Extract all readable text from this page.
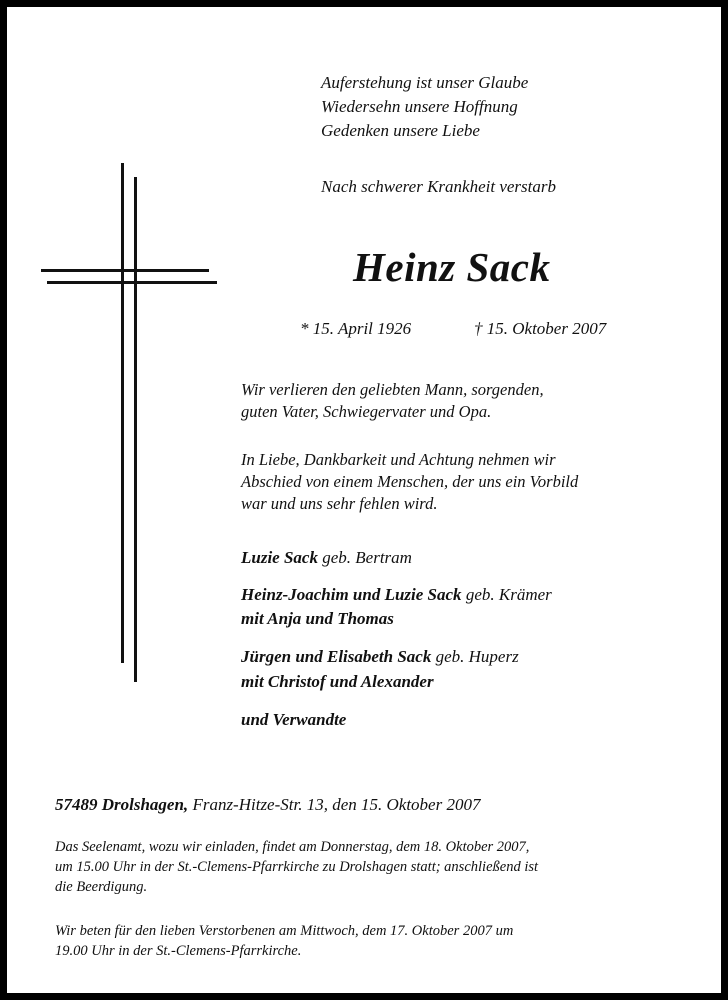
Auferstehung ist unser Glaube
Wiedersehn unsere Hoffnung
Gedenken unsere Liebe
Nach schwerer Krankheit verstarb
Heinz Sack
* 15. April 1926	† 15. Oktober 2007
Wir verlieren den geliebten Mann, sorgenden,
guten Vater, Schwiegervater und Opa.
In Liebe, Dankbarkeit und Achtung nehmen wir
Abschied von einem Menschen, der uns ein Vorbild
war und uns sehr fehlen wird.
Luzie Sack geb. Bertram
Heinz-Joachim und Luzie Sack geb. Krämer
mit Anja und Thomas
Jürgen und Elisabeth Sack geb. Huperz
mit Christof und Alexander
und Verwandte
57489 Drolshagen, Franz-Hitze-Str. 13, den 15. Oktober 2007
Das Seelenamt, wozu wir einladen, findet am Donnerstag, dem 18. Oktober 2007,
um 15.00 Uhr in der St.-Clemens-Pfarrkirche zu Drolshagen statt; anschließend ist
die Beerdigung.
Wir beten für den lieben Verstorbenen am Mittwoch, dem 17. Oktober 2007 um
19.00 Uhr in der St.-Clemens-Pfarrkirche.
